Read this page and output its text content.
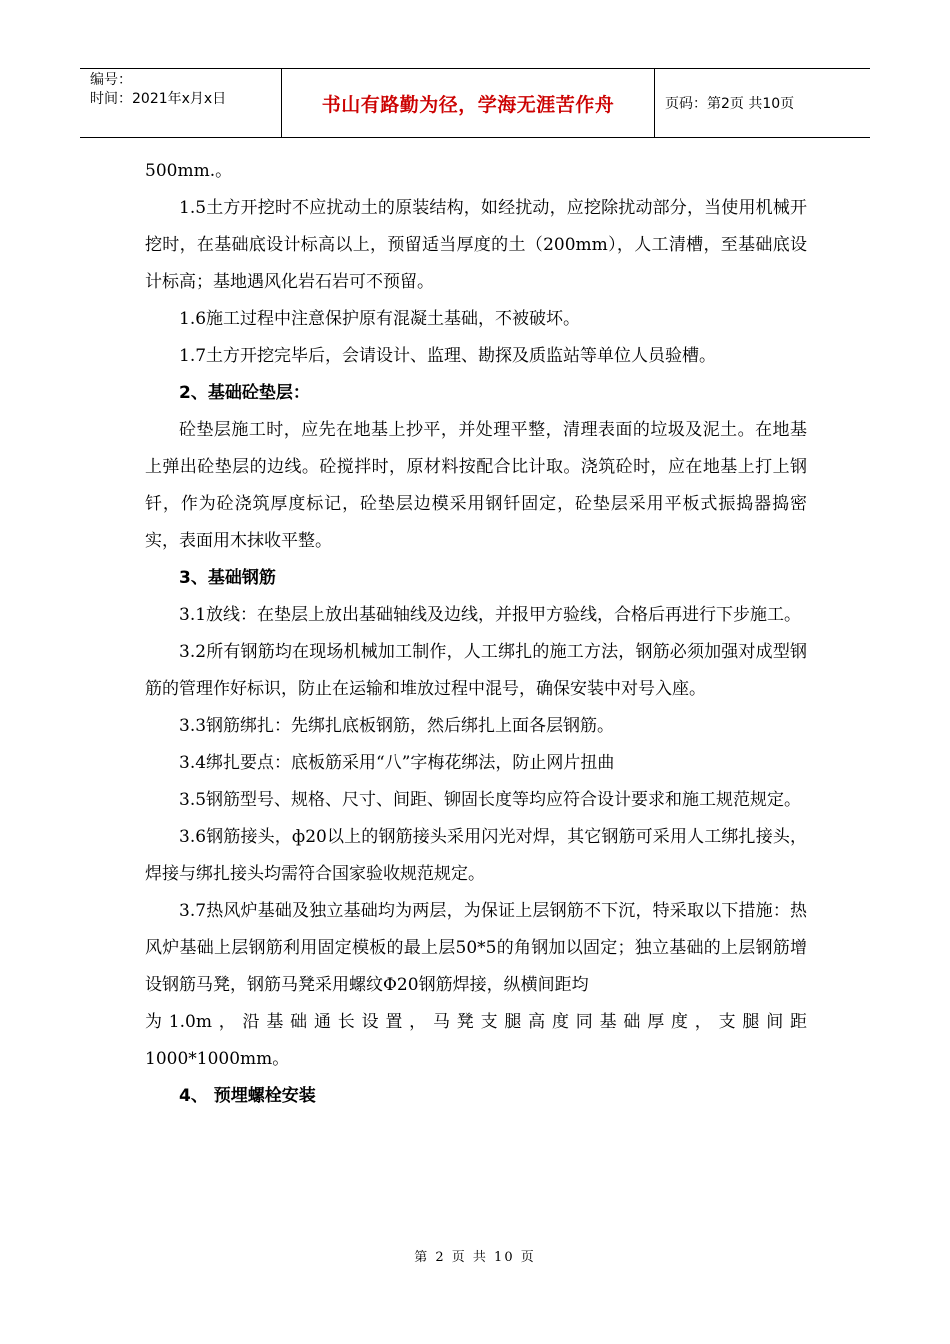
编号：
时间：2021年x月x日	书山有路勤为径，学海无涯苦作舟	页码：第2页 共10页

500mm.。

1.5土方开挖时不应扰动土的原装结构，如经扰动，应挖除扰动部分，当使用机械开挖时，在基础底设计标高以上，预留适当厚度的土（200mm），人工清槽，至基础底设计标高；基地遇风化岩石岩可不预留。

1.6施工过程中注意保护原有混凝土基础，不被破坏。

1.7土方开挖完毕后，会请设计、监理、勘探及质监站等单位人员验槽。

2、基础砼垫层：

砼垫层施工时，应先在地基上抄平，并处理平整，清理表面的垃圾及泥土。在地基上弹出砼垫层的边线。砼搅拌时，原材料按配合比计取。浇筑砼时，应在地基上打上钢钎，作为砼浇筑厚度标记，砼垫层边模采用钢钎固定，砼垫层采用平板式振捣器捣密实，表面用木抹收平整。

3、基础钢筋

3.1放线：在垫层上放出基础轴线及边线，并报甲方验线，合格后再进行下步施工。

3.2所有钢筋均在现场机械加工制作，人工绑扎的施工方法，钢筋必须加强对成型钢筋的管理作好标识，防止在运输和堆放过程中混号，确保安装中对号入座。

3.3钢筋绑扎：先绑扎底板钢筋，然后绑扎上面各层钢筋。

3.4绑扎要点：底板筋采用“八”字梅花绑法，防止网片扭曲

3.5钢筋型号、规格、尺寸、间距、铆固长度等均应符合设计要求和施工规范规定。

3.6钢筋接头，ф20以上的钢筋接头采用闪光对焊，其它钢筋可采用人工绑扎接头，焊接与绑扎接头均需符合国家验收规范规定。

3.7热风炉基础及独立基础均为两层，为保证上层钢筋不下沉，特采取以下措施：热风炉基础上层钢筋利用固定模板的最上层50*5的角钢加以固定；独立基础的上层钢筋增设钢筋马凳，钢筋马凳采用螺纹Φ20钢筋焊接，纵横间距均

为1.0m，沿基础通长设置，马凳支腿高度同基础厚度，支腿间距

1000*1000mm。

4、 预埋螺栓安装

第 2 页 共 10 页
